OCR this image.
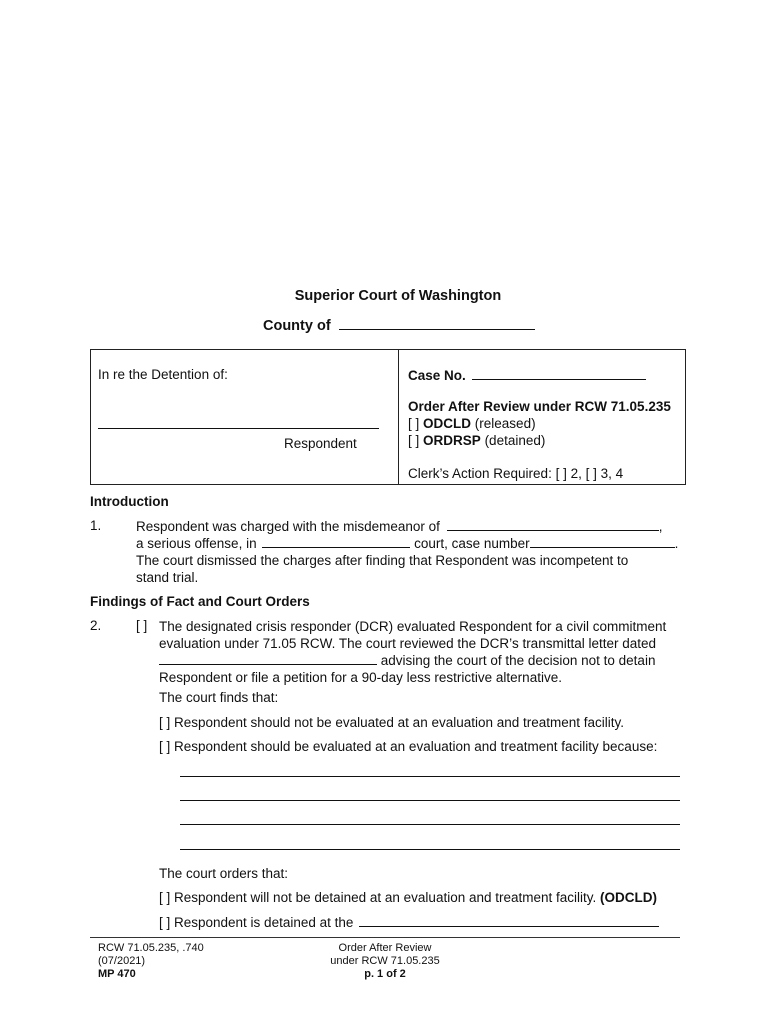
Superior Court of Washington
County of
In re the Detention of:
Respondent
Case No.
Order After Review under RCW 71.05.235
[ ] ODCLD (released)
[ ] ORDRSP (detained)
Clerk’s Action Required: [ ] 2, [ ] 3, 4
Introduction
1.	Respondent was charged with the misdemeanor of	,
a serious offense, in	court, case number	.
The court dismissed the charges after finding that Respondent was incompetent to
stand trial.
Findings of Fact and Court Orders
2.	[ ] The designated crisis responder (DCR) evaluated Respondent for a civil commitment
evaluation under 71.05 RCW. The court reviewed the DCR’s transmittal letter dated
advising the court of the decision not to detain
Respondent or file a petition for a 90-day less restrictive alternative.
The court finds that:
[ ] Respondent should not be evaluated at an evaluation and treatment facility.
[ ] Respondent should be evaluated at an evaluation and treatment facility because:
The court orders that:
[ ] Respondent will not be detained at an evaluation and treatment facility. (ODCLD)
[ ] Respondent is detained at the
RCW 71.05.235, .740
(07/2021)
MP 470
Order After Review
under RCW 71.05.235
p. 1 of 2
